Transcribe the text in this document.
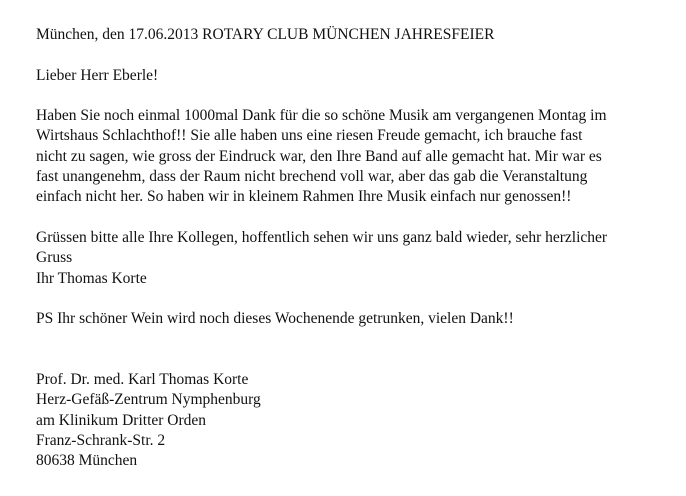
München, den 17.06.2013 ROTARY CLUB MÜNCHEN JAHRESFEIER

Lieber Herr Eberle!

Haben Sie noch einmal 1000mal Dank für die so schöne Musik am vergangenen Montag im

Wirtshaus Schlachthof!! Sie alle haben uns eine riesen Freude gemacht, ich brauche fast

nicht zu sagen, wie gross der Eindruck war, den Ihre Band auf alle gemacht hat. Mir war es

fast unangenehm, dass der Raum nicht brechend voll war, aber das gab die Veranstaltung

einfach nicht her. So haben wir in kleinem Rahmen Ihre Musik einfach nur genossen!!

Grüssen bitte alle Ihre Kollegen, hoffentlich sehen wir uns ganz bald wieder, sehr herzlicher

Gruss

Ihr Thomas Korte

PS Ihr schöner Wein wird noch dieses Wochenende getrunken, vielen Dank!!

Prof. Dr. med. Karl Thomas Korte

Herz-Gefäß-Zentrum Nymphenburg

am Klinikum Dritter Orden

Franz-Schrank-Str. 2

80638 München
